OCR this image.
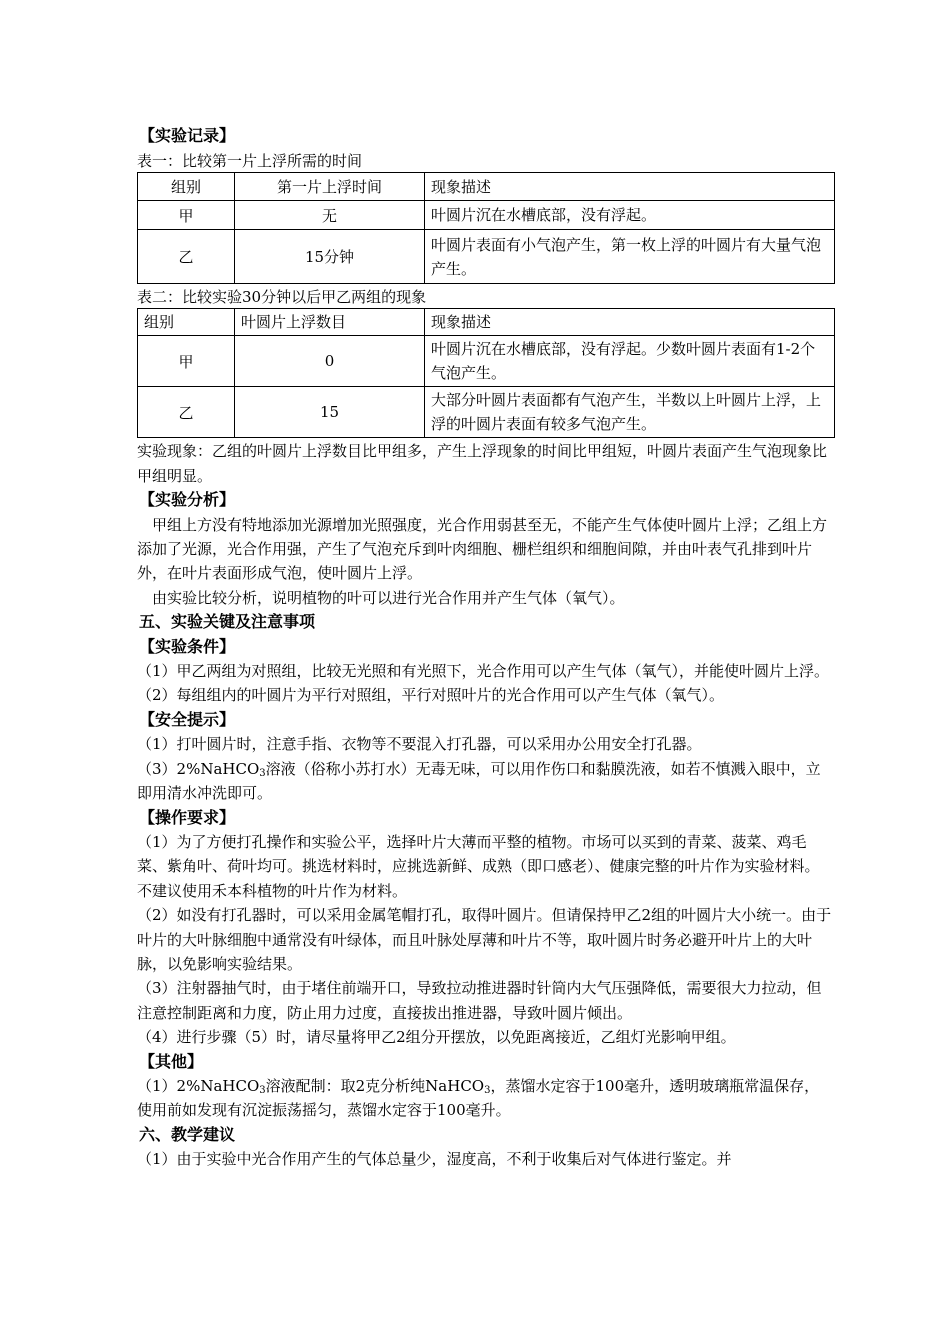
【实验记录】
表一：比较第一片上浮所需的时间
组别	第一片上浮时间	现象描述
甲	无	叶圆片沉在水槽底部，没有浮起。
乙	15分钟	叶圆片表面有小气泡产生，第一枚上浮的叶圆片有大量气泡产生。
表二：比较实验30分钟以后甲乙两组的现象
组别	叶圆片上浮数目	现象描述
甲	0	叶圆片沉在水槽底部，没有浮起。少数叶圆片表面有1-2个气泡产生。
乙	15	大部分叶圆片表面都有气泡产生，半数以上叶圆片上浮，上浮的叶圆片表面有较多气泡产生。
实验现象：乙组的叶圆片上浮数目比甲组多，产生上浮现象的时间比甲组短，叶圆片表面产生气泡现象比甲组明显。
【实验分析】
甲组上方没有特地添加光源增加光照强度，光合作用弱甚至无，不能产生气体使叶圆片上浮；乙组上方添加了光源，光合作用强，产生了气泡充斥到叶肉细胞、栅栏组织和细胞间隙，并由叶表气孔排到叶片外，在叶片表面形成气泡，使叶圆片上浮。
由实验比较分析，说明植物的叶可以进行光合作用并产生气体（氧气）。
五、实验关键及注意事项
【实验条件】
（1）甲乙两组为对照组，比较无光照和有光照下，光合作用可以产生气体（氧气），并能使叶圆片上浮。
（2）每组组内的叶圆片为平行对照组，平行对照叶片的光合作用可以产生气体（氧气）。
【安全提示】
（1）打叶圆片时，注意手指、衣物等不要混入打孔器，可以采用办公用安全打孔器。
（3）2%NaHCO$_3$溶液（俗称小苏打水）无毒无味，可以用作伤口和黏膜洗液，如若不慎溅入眼中，立即用清水冲洗即可。
【操作要求】
（1）为了方便打孔操作和实验公平，选择叶片大薄而平整的植物。市场可以买到的青菜、菠菜、鸡毛菜、紫角叶、荷叶均可。挑选材料时，应挑选新鲜、成熟（即口感老）、健康完整的叶片作为实验材料。不建议使用禾本科植物的叶片作为材料。
（2）如没有打孔器时，可以采用金属笔帽打孔，取得叶圆片。但请保持甲乙2组的叶圆片大小统一。由于叶片的大叶脉细胞中通常没有叶绿体，而且叶脉处厚薄和叶片不等，取叶圆片时务必避开叶片上的大叶脉，以免影响实验结果。
（3）注射器抽气时，由于堵住前端开口，导致拉动推进器时针筒内大气压强降低，需要很大力拉动，但注意控制距离和力度，防止用力过度，直接拔出推进器，导致叶圆片倾出。
（4）进行步骤（5）时，请尽量将甲乙2组分开摆放，以免距离接近，乙组灯光影响甲组。
【其他】
（1）2%NaHCO$_3$溶液配制：取2克分析纯NaHCO$_3$，蒸馏水定容于100毫升，透明玻璃瓶常温保存，使用前如发现有沉淀振荡摇匀，蒸馏水定容于100毫升。
六、教学建议
（1）由于实验中光合作用产生的气体总量少，湿度高，不利于收集后对气体进行鉴定。并
